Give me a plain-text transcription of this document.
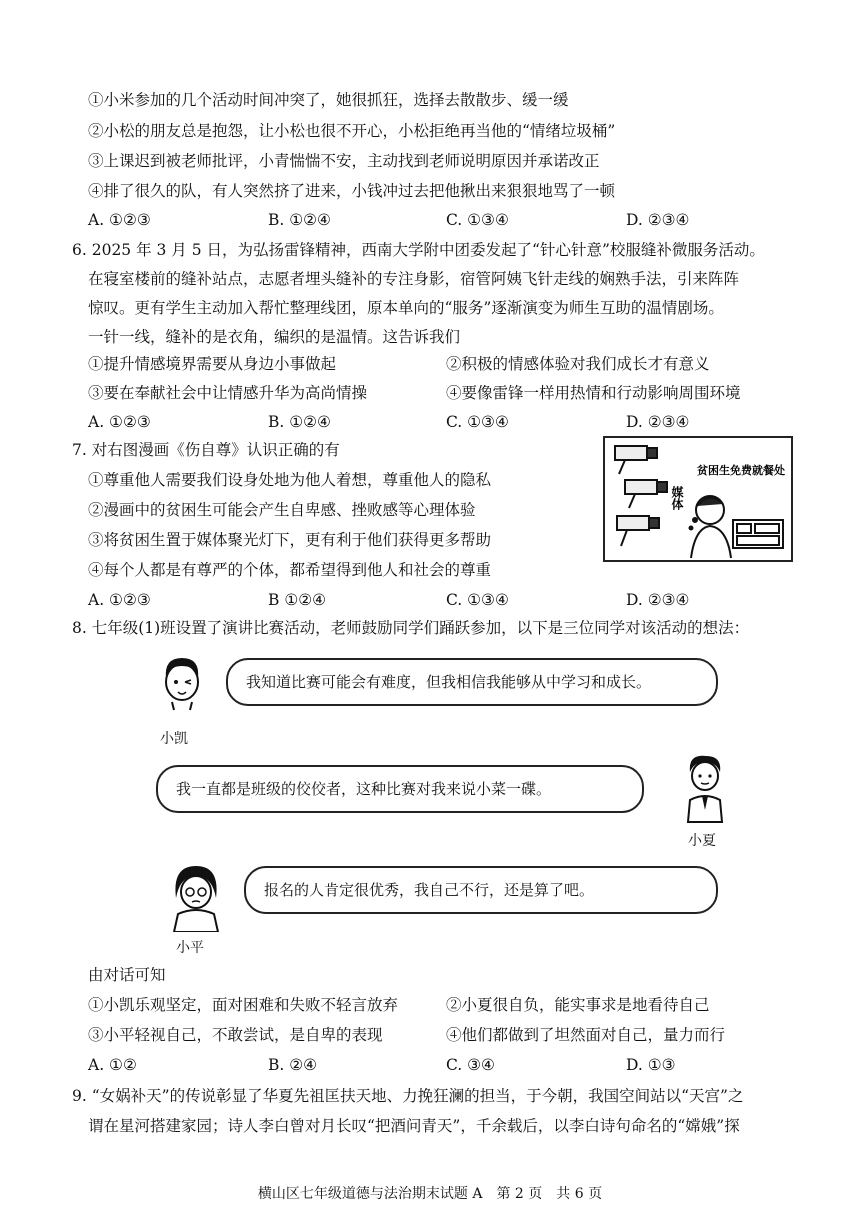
①小米参加的几个活动时间冲突了，她很抓狂，选择去散散步、缓一缓
②小松的朋友总是抱怨，让小松也很不开心，小松拒绝再当他的“情绪垃圾桶”
③上课迟到被老师批评，小青惴惴不安，主动找到老师说明原因并承诺改正
④排了很久的队，有人突然挤了进来，小钱冲过去把他揪出来狠狠地骂了一顿
A. ①②③	B. ①②④	C. ①③④	D. ②③④
6. 2025 年 3 月 5 日，为弘扬雷锋精神，西南大学附中团委发起了“针心针意”校服缝补微服务活动。
在寝室楼前的缝补站点，志愿者埋头缝补的专注身影，宿管阿姨飞针走线的娴熟手法，引来阵阵
惊叹。更有学生主动加入帮忙整理线团，原本单向的“服务”逐渐演变为师生互助的温情剧场。
一针一线，缝补的是衣角，编织的是温情。这告诉我们
①提升情感境界需要从身边小事做起	②积极的情感体验对我们成长才有意义
③要在奉献社会中让情感升华为高尚情操	④要像雷锋一样用热情和行动影响周围环境
A. ①②③	B. ①②④	C. ①③④	D. ②③④
7. 对右图漫画《伤自尊》认识正确的有
①尊重他人需要我们设身处地为他人着想，尊重他人的隐私
②漫画中的贫困生可能会产生自卑感、挫败感等心理体验
③将贫困生置于媒体聚光灯下，更有利于他们获得更多帮助
④每个人都是有尊严的个体，都希望得到他人和社会的尊重
A. ①②③	B ①②④	C. ①③④	D. ②③④
媒体
贫困生免费就餐处
8. 七年级(1)班设置了演讲比赛活动，老师鼓励同学们踊跃参加，以下是三位同学对该活动的想法：
小凯
我知道比赛可能会有难度，但我相信我能够从中学习和成长。
我一直都是班级的佼佼者，这种比赛对我来说小菜一碟。
小夏
小平
报名的人肯定很优秀，我自己不行，还是算了吧。
由对话可知
①小凯乐观坚定，面对困难和失败不轻言放弃	②小夏很自负，能实事求是地看待自己
③小平轻视自己，不敢尝试，是自卑的表现	④他们都做到了坦然面对自己，量力而行
A. ①②	B. ②④	C. ③④	D. ①③
9. “女娲补天”的传说彰显了华夏先祖匡扶天地、力挽狂澜的担当，于今朝，我国空间站以“天宫”之
谓在星河搭建家园；诗人李白曾对月长叹“把酒问青天”，千余载后，以李白诗句命名的“嫦娥”探
横山区七年级道德与法治期末试题 A　第 2 页　共 6 页
